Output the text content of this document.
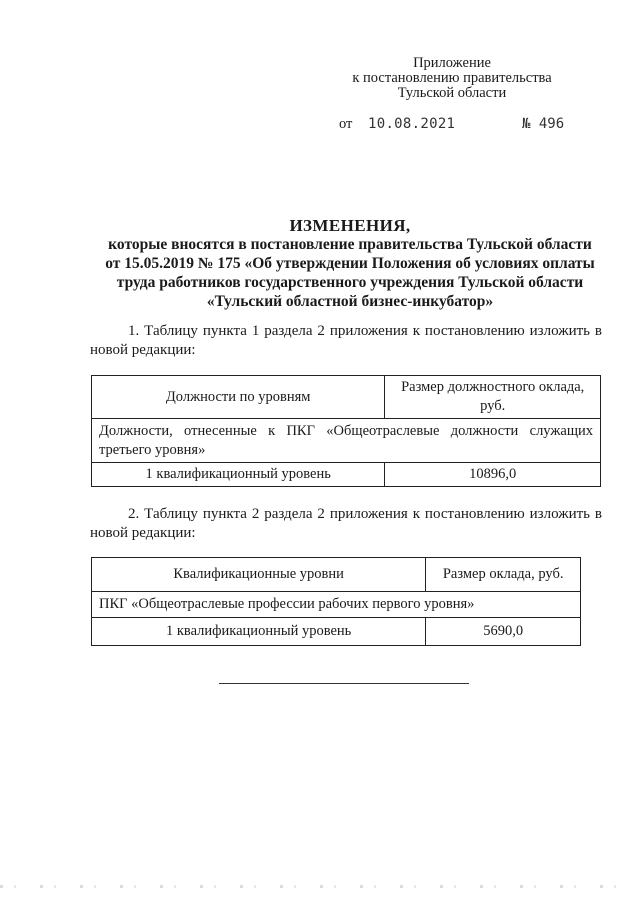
Приложение
к постановлению правительства
Тульской области
от 10.08.2021	№ 496
ИЗМЕНЕНИЯ,
которые вносятся в постановление правительства Тульской области
от 15.05.2019 № 175 «Об утверждении Положения об условиях оплаты
труда работников государственного учреждения Тульской области
«Тульский областной бизнес-инкубатор»
1. Таблицу пункта 1 раздела 2 приложения к постановлению изложить в новой редакции:
Должности по уровням	Размер должностного оклада, руб.
Должности, отнесенные к ПКГ «Общеотраслевые должности служащих третьего уровня»	
1 квалификационный уровень	10896,0
2. Таблицу пункта 2 раздела 2 приложения к постановлению изложить в новой редакции:
Квалификационные уровни	Размер оклада, руб.
ПКГ «Общеотраслевые профессии рабочих первого уровня»	
1 квалификационный уровень	5690,0
